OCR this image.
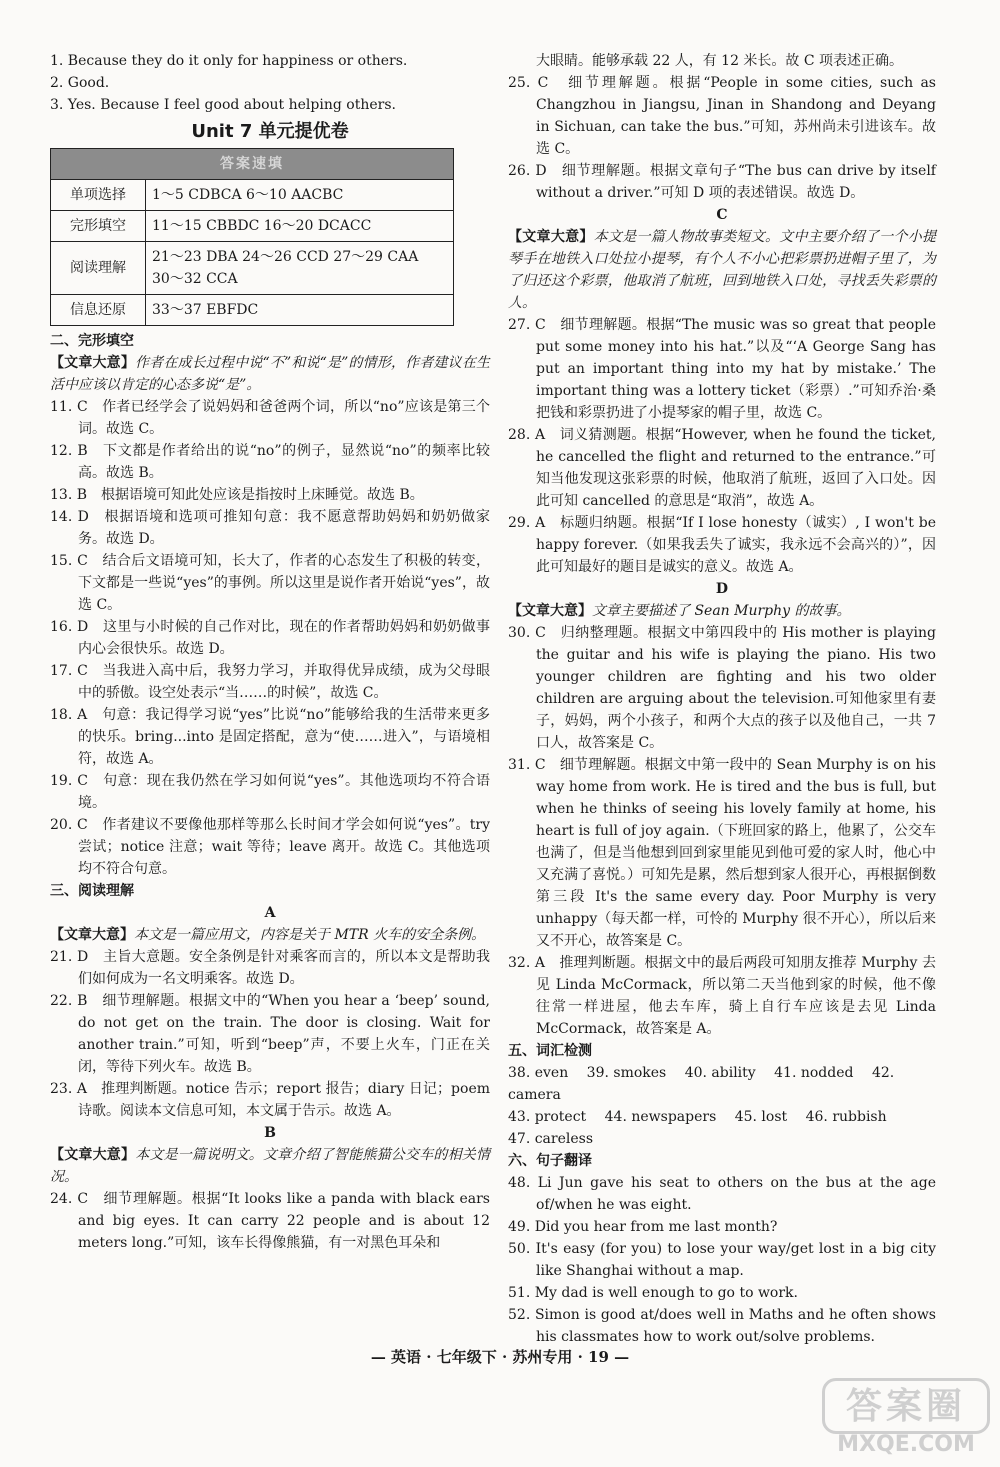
1. Because they do it only for happiness or others.

2. Good.

3. Yes. Because I feel good about helping others.

Unit 7 单元提优卷
答案速填	
单项选择	1～5 CDBCA 6～10 AACBC
完形填空	11～15 CBBDC 16～20 DCACC
阅读理解	21～23 DBA 24～26 CCD 27～29 CAA
30～32 CCA
信息还原	33～37 EBFDC

二、完形填空

【文章大意】作者在成长过程中说“不”和说“是”的情形，作者建议在生活中应该以肯定的心态多说“是”。

11. C　作者已经学会了说妈妈和爸爸两个词，所以“no”应该是第三个词。故选 C。

12. B　下文都是作者给出的说“no”的例子，显然说“no”的频率比较高。故选 B。

13. B　根据语境可知此处应该是指按时上床睡觉。故选 B。

14. D　根据语境和选项可推知句意：我不愿意帮助妈妈和奶奶做家务。故选 D。

15. C　结合后文语境可知，长大了，作者的心态发生了积极的转变，下文都是一些说“yes”的事例。所以这里是说作者开始说“yes”，故选 C。

16. D　这里与小时候的自己作对比，现在的作者帮助妈妈和奶奶做事内心会很快乐。故选 D。

17. C　当我进入高中后，我努力学习，并取得优异成绩，成为父母眼中的骄傲。设空处表示“当……的时候”，故选 C。

18. A　句意：我记得学习说“yes”比说“no”能够给我的生活带来更多的快乐。bring...into 是固定搭配，意为“使……进入”，与语境相符，故选 A。

19. C　句意：现在我仍然在学习如何说“yes”。其他选项均不符合语境。

20. C　作者建议不要像他那样等那么长时间才学会如何说“yes”。try 尝试；notice 注意；wait 等待；leave 离开。故选 C。其他选项均不符合句意。

三、阅读理解

A

【文章大意】本文是一篇应用文，内容是关于 MTR 火车的安全条例。

21. D　主旨大意题。安全条例是针对乘客而言的，所以本文是帮助我们如何成为一名文明乘客。故选 D。

22. B　细节理解题。根据文中的“When you hear a ‘beep’ sound, do not get on the train. The door is closing. Wait for another train.”可知，听到“beep”声，不要上火车，门正在关闭，等待下列火车。故选 B。

23. A　推理判断题。notice 告示；report 报告；diary 日记；poem 诗歌。阅读本文信息可知，本文属于告示。故选 A。

B

【文章大意】本文是一篇说明文。文章介绍了智能熊猫公交车的相关情况。

24. C　细节理解题。根据“It looks like a panda with black ears and big eyes. It can carry 22 people and is about 12 meters long.”可知，该车长得像熊猫，有一对黑色耳朵和

大眼睛。能够承载 22 人，有 12 米长。故 C 项表述正确。

25. C　细节理解题。根据“People in some cities, such as Changzhou in Jiangsu, Jinan in Shandong and Deyang in Sichuan, can take the bus.”可知，苏州尚未引进该车。故选 C。

26. D　细节理解题。根据文章句子“The bus can drive by itself without a driver.”可知 D 项的表述错误。故选 D。

C

【文章大意】本文是一篇人物故事类短文。文中主要介绍了一个小提琴手在地铁入口处拉小提琴，有个人不小心把彩票扔进帽子里了，为了归还这个彩票，他取消了航班，回到地铁入口处，寻找丢失彩票的人。

27. C　细节理解题。根据“The music was so great that people put some money into his hat.”以及“‘A George Sang has put an important thing into my hat by mistake.’ The important thing was a lottery ticket（彩票）.”可知乔治·桑把钱和彩票扔进了小提琴家的帽子里，故选 C。

28. A　词义猜测题。根据“However, when he found the ticket, he cancelled the flight and returned to the entrance.”可知当他发现这张彩票的时候，他取消了航班，返回了入口处。因此可知 cancelled 的意思是“取消”，故选 A。

29. A　标题归纳题。根据“If I lose honesty（诚实）, I won't be happy forever.（如果我丢失了诚实，我永远不会高兴的）”，因此可知最好的题目是诚实的意义。故选 A。

D

【文章大意】文章主要描述了 Sean Murphy 的故事。

30. C　归纳整理题。根据文中第四段中的 His mother is playing the guitar and his wife is playing the piano. His two younger children are fighting and his two older children are arguing about the television.可知他家里有妻子，妈妈，两个小孩子，和两个大点的孩子以及他自己，一共 7 口人，故答案是 C。

31. C　细节理解题。根据文中第一段中的 Sean Murphy is on his way home from work. He is tired and the bus is full, but when he thinks of seeing his lovely family at home, his heart is full of joy again.（下班回家的路上，他累了，公交车也满了，但是当他想到回到家里能见到他可爱的家人时，他心中又充满了喜悦。）可知先是累，然后想到家人很开心，再根据倒数第三段 It's the same every day. Poor Murphy is very unhappy（每天都一样，可怜的 Murphy 很不开心），所以后来又不开心，故答案是 C。

32. A　推理判断题。根据文中的最后两段可知朋友推荐 Murphy 去见 Linda McCormack，所以第二天当他到家的时候，他不像往常一样进屋，他去车库，骑上自行车应该是去见 Linda McCormack，故答案是 A。

五、词汇检测

38. even 39. smokes 40. ability 41. nodded 42. camera

43. protect 44. newspapers 45. lost 46. rubbish

47. careless

六、句子翻译

48. Li Jun gave his seat to others on the bus at the age of/when he was eight.

49. Did you hear from me last month?

50. It's easy (for you) to lose your way/get lost in a big city like Shanghai without a map.

51. My dad is well enough to go to work.

52. Simon is good at/does well in Maths and he often shows his classmates how to work out/solve problems.

— 英语 · 七年级下 · 苏州专用 · 19 —
答案圈
MXQE.COM
